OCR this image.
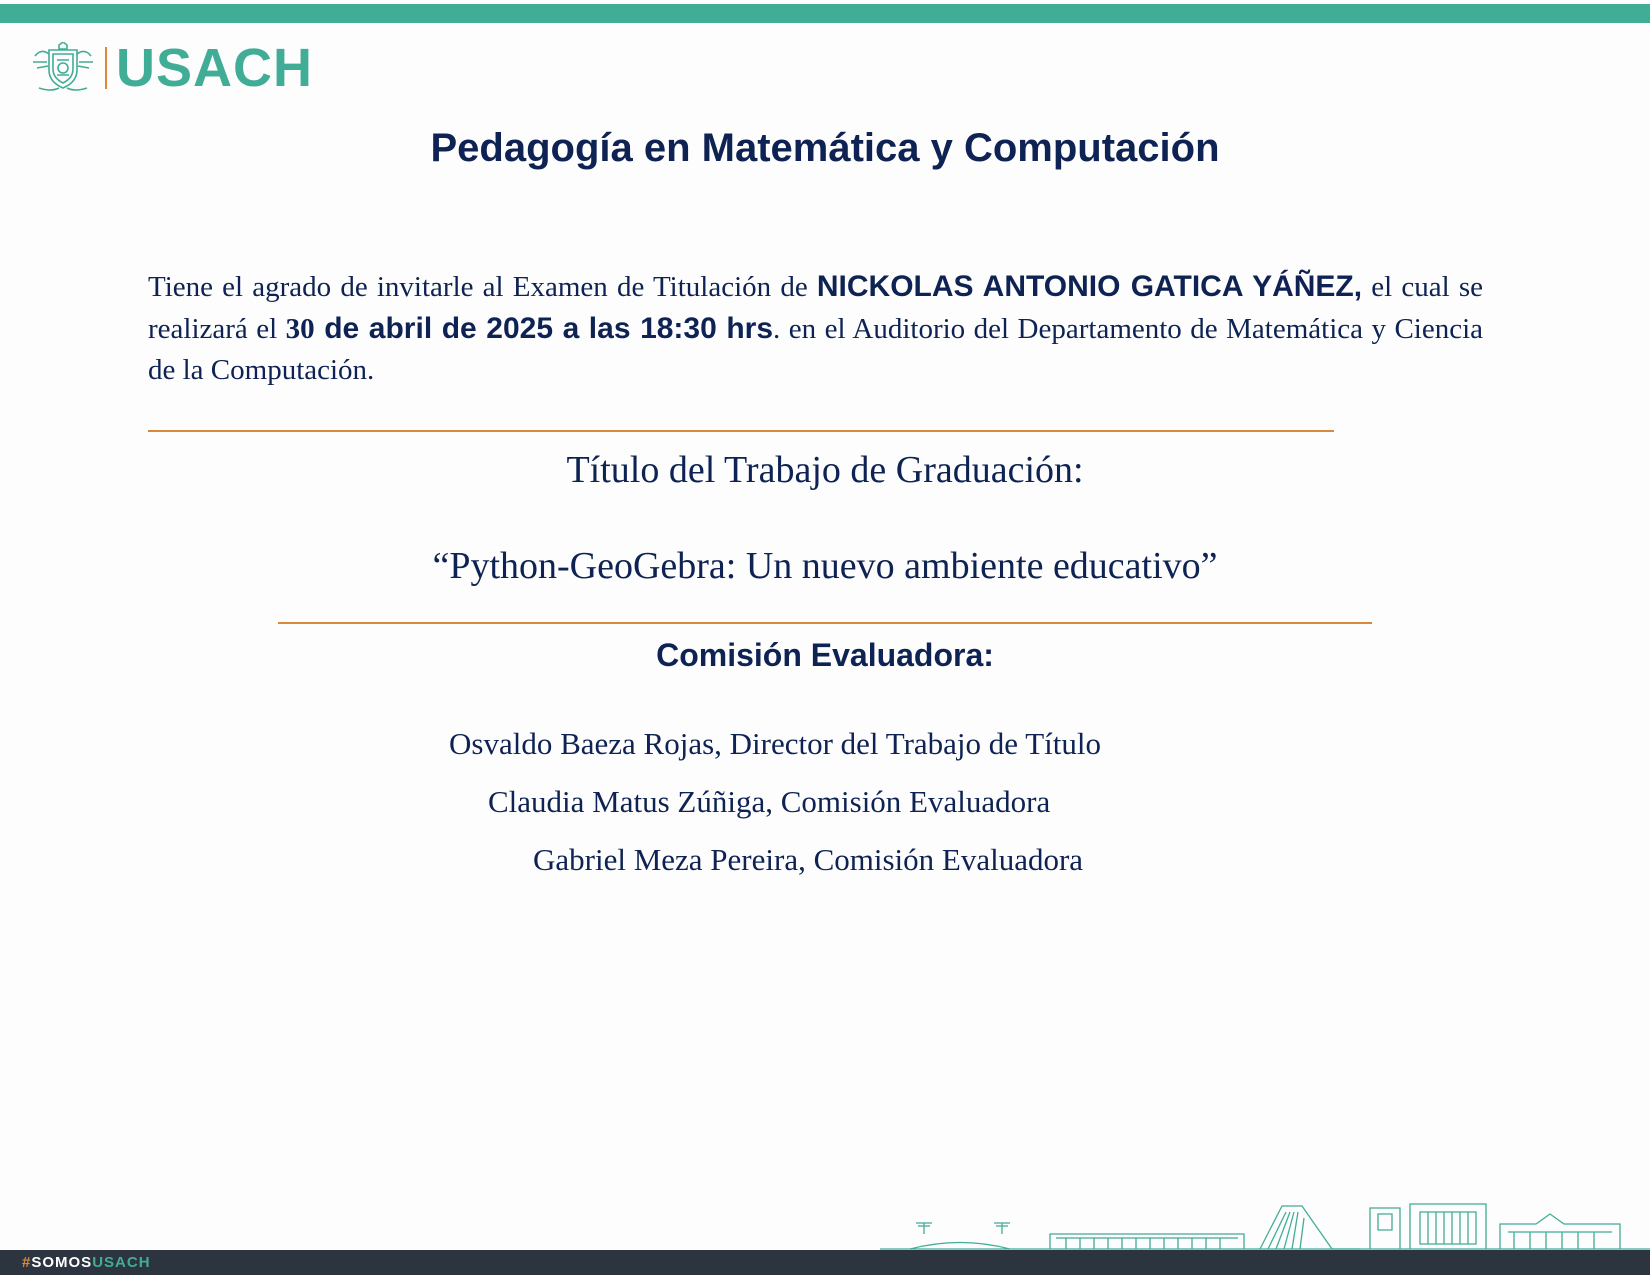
USACH
Pedagogía en Matemática y Computación

Tiene el agrado de invitarle al Examen de Titulación de NICKOLAS ANTONIO GATICA YÁÑEZ, el cual se realizará el 30 de abril de 2025 a las 18:30 hrs. en el Auditorio del Departamento de Matemática y Ciencia de la Computación.

Título del Trabajo de Graduación:

“Python-GeoGebra: Un nuevo ambiente educativo”

Comisión Evaluadora:

Osvaldo Baeza Rojas, Director del Trabajo de Título
Claudia Matus Zúñiga, Comisión Evaluadora
Gabriel Meza Pereira, Comisión Evaluadora
#SOMOSUSACH
